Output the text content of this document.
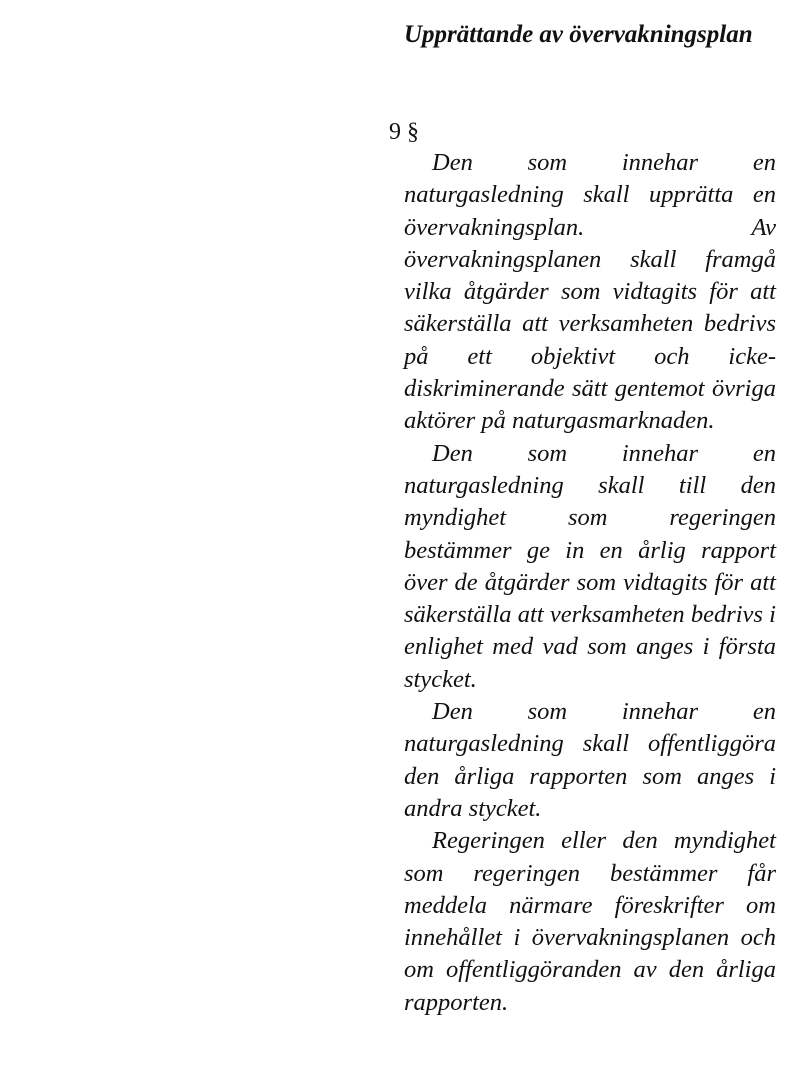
Upprättande av övervakningsplan
9 §

Den som innehar en naturgasledning skall upprätta en övervakningsplan. Av övervakningsplanen skall framgå vilka åtgärder som vidtagits för att säkerställa att verksamheten bedrivs på ett objektivt och icke-diskriminerande sätt gentemot övriga aktörer på naturgasmarknaden.

Den som innehar en naturgasledning skall till den myndighet som regeringen bestämmer ge in en årlig rapport över de åtgärder som vidtagits för att säkerställa att verksamheten bedrivs i enlighet med vad som anges i första stycket.

Den som innehar en naturgasledning skall offentliggöra den årliga rapporten som anges i andra stycket.

Regeringen eller den myndighet som regeringen bestämmer får meddela närmare föreskrifter om innehållet i övervakningsplanen och om offentliggöranden av den årliga rapporten.
